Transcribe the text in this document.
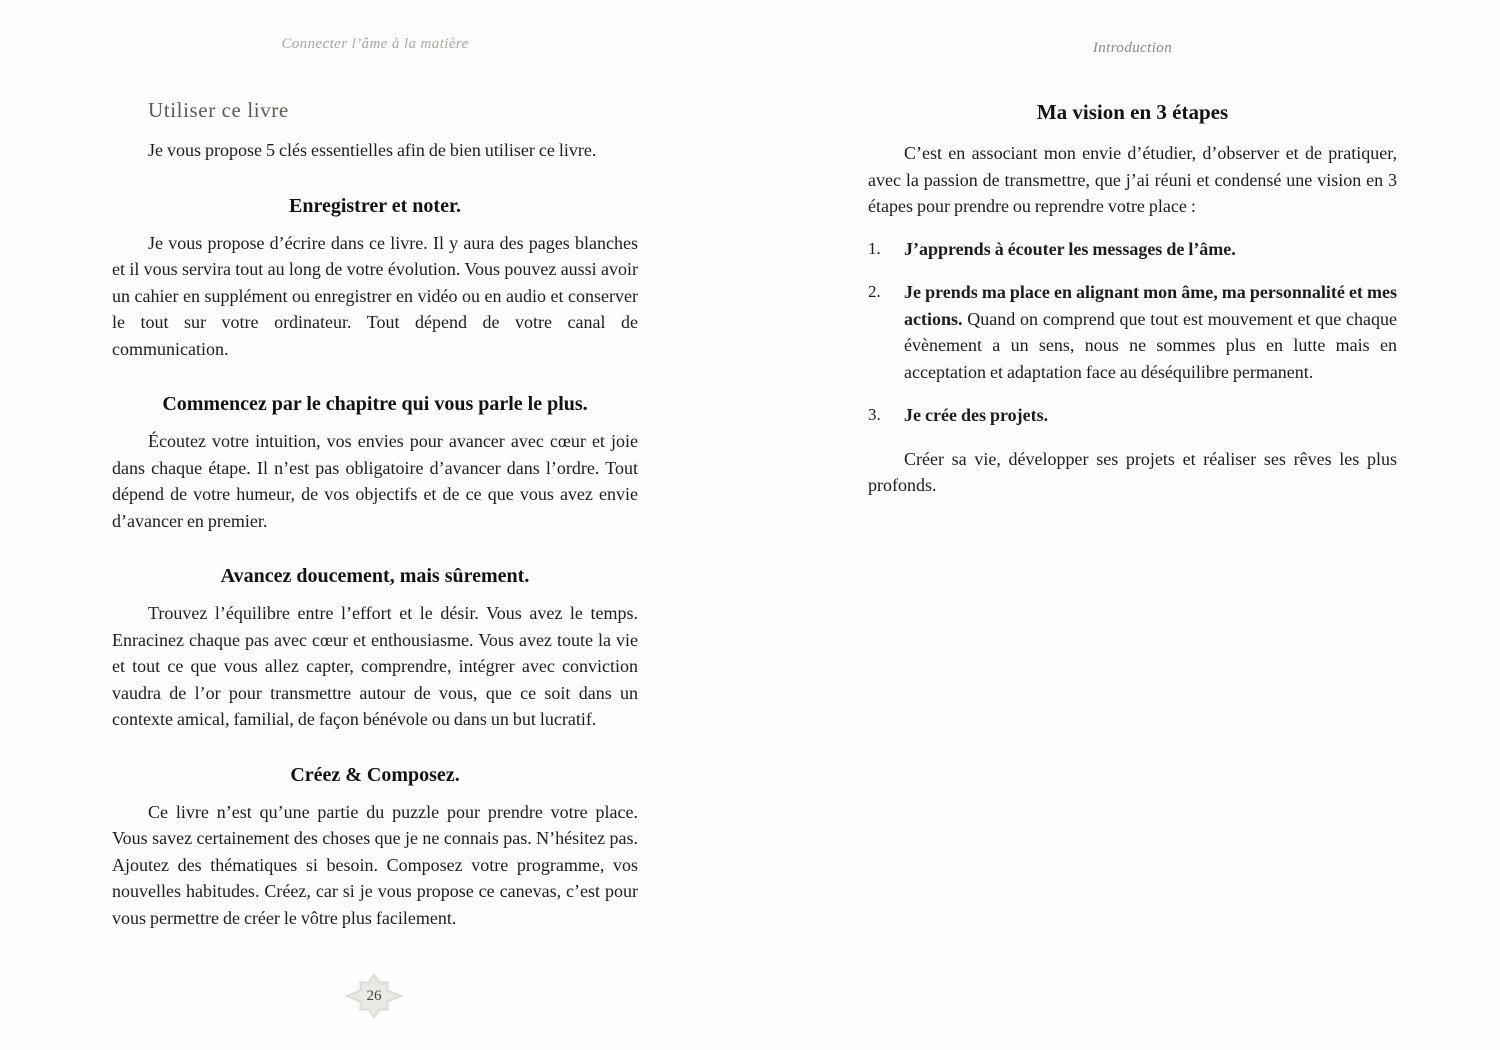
Connecter l’âme à la matière
Utiliser ce livre

Je vous propose 5 clés essentielles afin de bien utiliser ce livre.

Enregistrer et noter.

Je vous propose d’écrire dans ce livre. Il y aura des pages blanches et il vous servira tout au long de votre évolution. Vous pouvez aussi avoir un cahier en supplément ou enregistrer en vidéo ou en audio et conserver le tout sur votre ordinateur. Tout dépend de votre canal de communication.

Commencez par le chapitre qui vous parle le plus.

Écoutez votre intuition, vos envies pour avancer avec cœur et joie dans chaque étape. Il n’est pas obligatoire d’avancer dans l’ordre. Tout dépend de votre humeur, de vos objectifs et de ce que vous avez envie d’avancer en premier.

Avancez doucement, mais sûrement.

Trouvez l’équilibre entre l’effort et le désir. Vous avez le temps. Enracinez chaque pas avec cœur et enthousiasme. Vous avez toute la vie et tout ce que vous allez capter, comprendre, intégrer avec conviction vaudra de l’or pour transmettre autour de vous, que ce soit dans un contexte amical, familial, de façon bénévole ou dans un but lucratif.

Créez & Composez.

Ce livre n’est qu’une partie du puzzle pour prendre votre place. Vous savez certainement des choses que je ne connais pas. N’hésitez pas. Ajoutez des thématiques si besoin. Composez votre programme, vos nouvelles habitudes. Créez, car si je vous propose ce canevas, c’est pour vous permettre de créer le vôtre plus facilement.

Introduction
Ma vision en 3 étapes

C’est en associant mon envie d’étudier, d’observer et de pratiquer, avec la passion de transmettre, que j’ai réuni et condensé une vision en 3 étapes pour prendre ou reprendre votre place :

1.	J’apprends à écouter les messages de l’âme.
2.	Je prends ma place en alignant mon âme, ma personnalité et mes actions. Quand on comprend que tout est mouvement et que chaque évènement a un sens, nous ne sommes plus en lutte mais en acceptation et adaptation face au déséquilibre permanent.
3.	Je crée des projets.

Créer sa vie, développer ses projets et réaliser ses rêves les plus profonds.

26
